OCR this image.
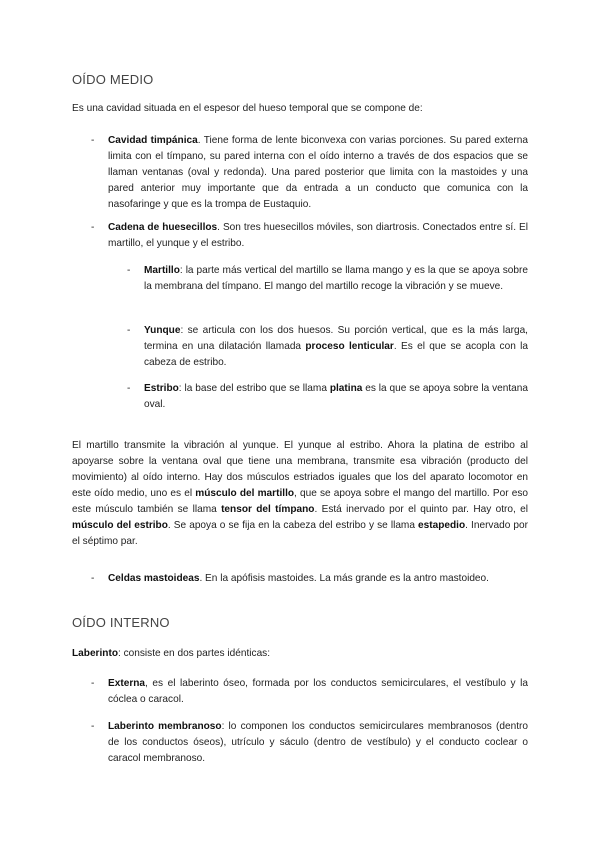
OÍDO MEDIO
Es una cavidad situada en el espesor del hueso temporal que se compone de:
- Cavidad timpánica. Tiene forma de lente biconvexa con varias porciones. Su pared externa limita con el tímpano, su pared interna con el oído interno a través de dos espacios que se llaman ventanas (oval y redonda). Una pared posterior que limita con la mastoides y una pared anterior muy importante que da entrada a un conducto que comunica con la nasofaringe y que es la trompa de Eustaquio.
- Cadena de huesecillos. Son tres huesecillos móviles, son diartrosis. Conectados entre sí. El martillo, el yunque y el estribo.
- Martillo: la parte más vertical del martillo se llama mango y es la que se apoya sobre la membrana del tímpano. El mango del martillo recoge la vibración y se mueve.
- Yunque: se articula con los dos huesos. Su porción vertical, que es la más larga, termina en una dilatación llamada proceso lenticular. Es el que se acopla con la cabeza de estribo.
- Estribo: la base del estribo que se llama platina es la que se apoya sobre la ventana oval.
El martillo transmite la vibración al yunque. El yunque al estribo. Ahora la platina de estribo al apoyarse sobre la ventana oval que tiene una membrana, transmite esa vibración (producto del movimiento) al oído interno. Hay dos músculos estriados iguales que los del aparato locomotor en este oído medio, uno es el músculo del martillo, que se apoya sobre el mango del martillo. Por eso este músculo también se llama tensor del tímpano. Está inervado por el quinto par. Hay otro, el músculo del estribo. Se apoya o se fija en la cabeza del estribo y se llama estapedio. Inervado por el séptimo par.
- Celdas mastoideas. En la apófisis mastoides. La más grande es la antro mastoideo.
OÍDO INTERNO
Laberinto: consiste en dos partes idénticas:
- Externa, es el laberinto óseo, formada por los conductos semicirculares, el vestíbulo y la cóclea o caracol.
- Laberinto membranoso: lo componen los conductos semicirculares membranosos (dentro de los conductos óseos), utrículo y sáculo (dentro de vestíbulo) y el conducto coclear o caracol membranoso.
